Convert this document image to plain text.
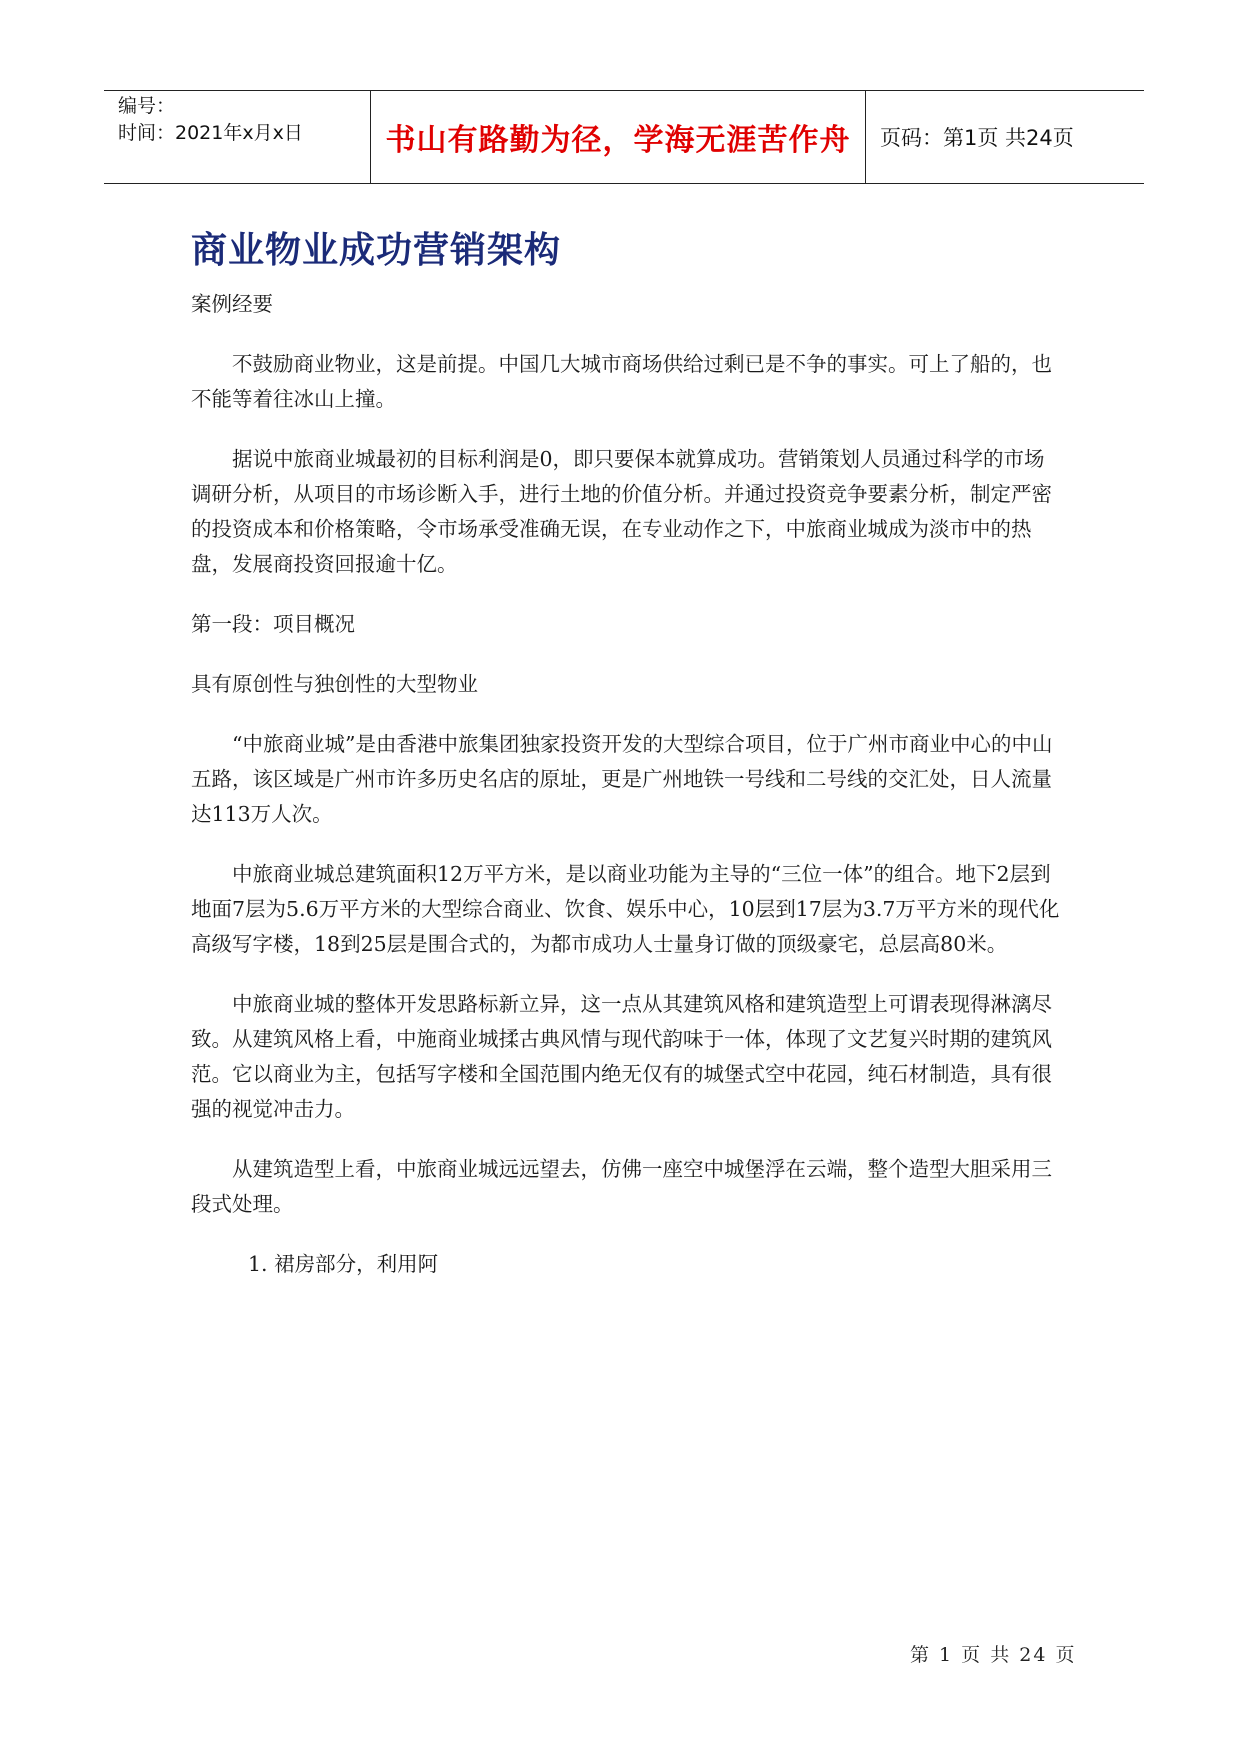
编号：
时间：2021年x月x日	书山有路勤为径，学海无涯苦作舟 页码：第1页 共24页
商业物业成功营销架构

案例经要

不鼓励商业物业，这是前提。中国几大城市商场供给过剩已是不争的事实。可上了船的，也不能等着往冰山上撞。

据说中旅商业城最初的目标利润是0，即只要保本就算成功。营销策划人员通过科学的市场调研分析，从项目的市场诊断入手，进行土地的价值分析。并通过投资竞争要素分析，制定严密的投资成本和价格策略，令市场承受准确无误，在专业动作之下，中旅商业城成为淡市中的热盘，发展商投资回报逾十亿。

第一段：项目概况

具有原创性与独创性的大型物业

“中旅商业城”是由香港中旅集团独家投资开发的大型综合项目，位于广州市商业中心的中山五路，该区域是广州市许多历史名店的原址，更是广州地铁一号线和二号线的交汇处，日人流量达113万人次。

中旅商业城总建筑面积12万平方米，是以商业功能为主导的“三位一体”的组合。地下2层到地面7层为5.6万平方米的大型综合商业、饮食、娱乐中心，10层到17层为3.7万平方米的现代化高级写字楼，18到25层是围合式的，为都市成功人士量身订做的顶级豪宅，总层高80米。

中旅商业城的整体开发思路标新立异，这一点从其建筑风格和建筑造型上可谓表现得淋漓尽致。从建筑风格上看，中施商业城揉古典风情与现代韵味于一体，体现了文艺复兴时期的建筑风范。它以商业为主，包括写字楼和全国范围内绝无仅有的城堡式空中花园，纯石材制造，具有很强的视觉冲击力。

从建筑造型上看，中旅商业城远远望去，仿佛一座空中城堡浮在云端，整个造型大胆采用三段式处理。

1. 裙房部分，利用阿

第 1 页 共 24 页
